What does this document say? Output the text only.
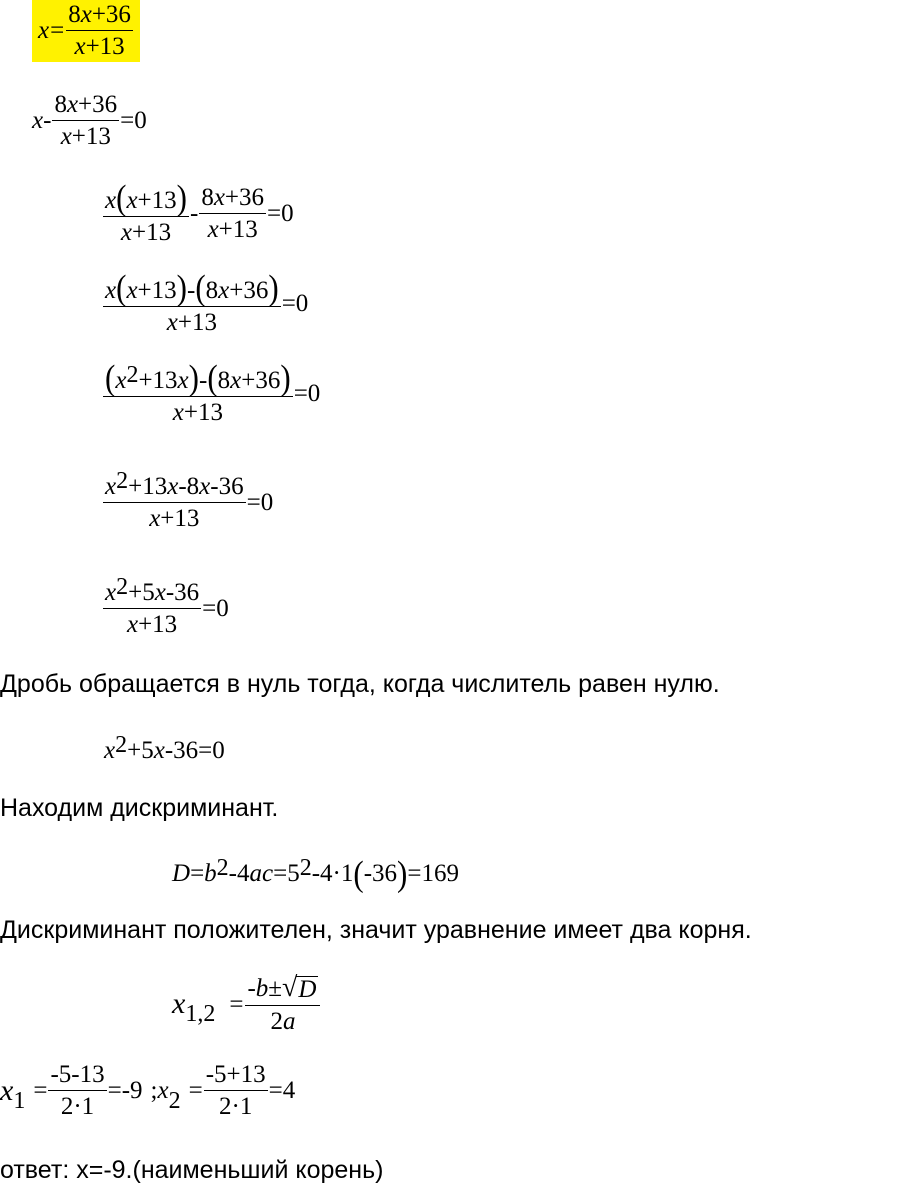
$x = \frac{8x+36}{x+13}$
$x - \frac{8x+36}{x+13} =0$
$\frac{x(x+13)}{x+13} - \frac{8x+36}{x+13} =0$
$\frac{x(x+13)-(8x+36)}{x+13} =0$
$\frac{(x^2+13x)-(8x+36)}{x+13} =0$
$\frac{x^2+13x-8x-36}{x+13} =0$
$\frac{x^2+5x-36}{x+13} =0$
Дробь обращается в нуль тогда, когда числитель равен нулю.
$x^2 +5$ x -36=0
Находим дискриминант.
$D = b^2$ -4 ac $=5^2$ -4·1 ( -36 ) =169
Дискриминант положителен, значит уравнение имеет два корня.
$x_{1,2} = \frac{-b\pm √ D}{2a}$
$x_1 = \frac{-5-13}{2\cdot 1} =-9$ ; $x_2 = \frac{-5+13}{2\cdot 1} =4$
ответ: х=-9.(наименьший корень)
